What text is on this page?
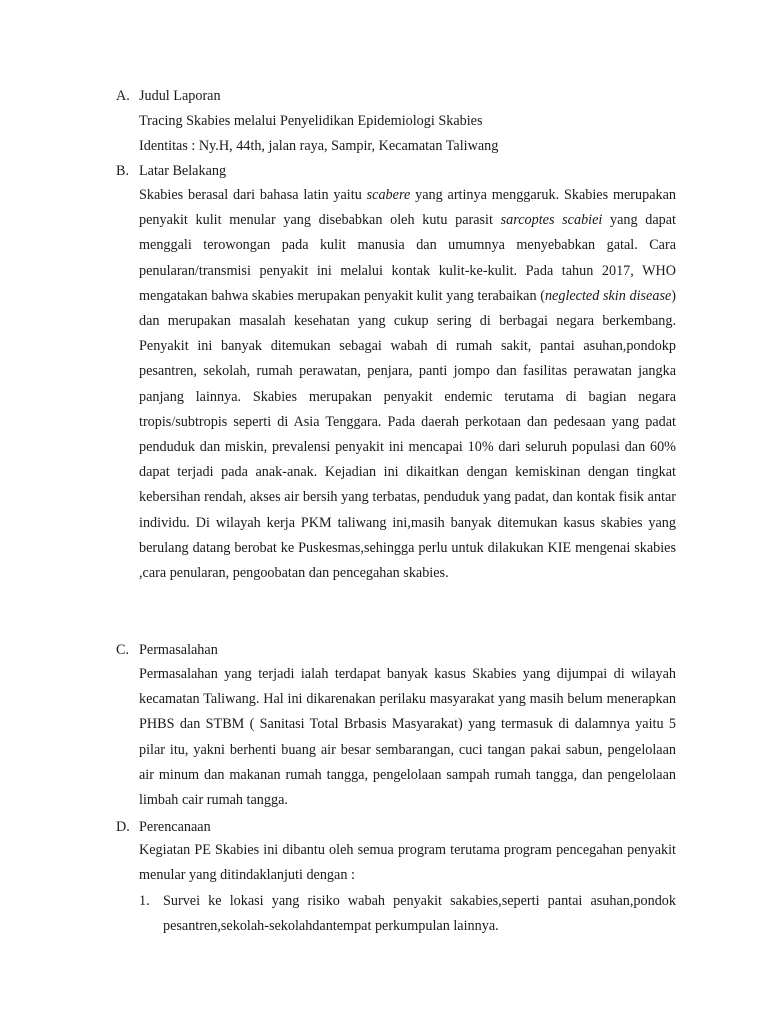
A. Judul Laporan
Tracing Skabies melalui Penyelidikan Epidemiologi Skabies
Identitas : Ny.H, 44th, jalan raya, Sampir, Kecamatan Taliwang
B. Latar Belakang

Skabies berasal dari bahasa latin yaitu scabere yang artinya menggaruk. Skabies merupakan penyakit kulit menular yang disebabkan oleh kutu parasit sarcoptes scabiei yang dapat menggali terowongan pada kulit manusia dan umumnya menyebabkan gatal. Cara penularan/transmisi penyakit ini melalui kontak kulit-ke-kulit. Pada tahun 2017, WHO mengatakan bahwa skabies merupakan penyakit kulit yang terabaikan (neglected skin disease) dan merupakan masalah kesehatan yang cukup sering di berbagai negara berkembang. Penyakit ini banyak ditemukan sebagai wabah di rumah sakit, pantai asuhan,pondokp pesantren, sekolah, rumah perawatan, penjara, panti jompo dan fasilitas perawatan jangka panjang lainnya. Skabies merupakan penyakit endemic terutama di bagian negara tropis/subtropis seperti di Asia Tenggara. Pada daerah perkotaan dan pedesaan yang padat penduduk dan miskin, prevalensi penyakit ini mencapai 10% dari seluruh populasi dan 60% dapat terjadi pada anak-anak. Kejadian ini dikaitkan dengan kemiskinan dengan tingkat kebersihan rendah, akses air bersih yang terbatas, penduduk yang padat, dan kontak fisik antar individu. Di wilayah kerja PKM taliwang ini,masih banyak ditemukan kasus skabies yang berulang datang berobat ke Puskesmas,sehingga perlu untuk dilakukan KIE mengenai skabies ,cara penularan, pengoobatan dan pencegahan skabies.

C. Permasalahan

Permasalahan yang terjadi ialah terdapat banyak kasus Skabies yang dijumpai di wilayah kecamatan Taliwang. Hal ini dikarenakan perilaku masyarakat yang masih belum menerapkan PHBS dan STBM ( Sanitasi Total Brbasis Masyarakat) yang termasuk di dalamnya yaitu 5 pilar itu, yakni berhenti buang air besar sembarangan, cuci tangan pakai sabun, pengelolaan air minum dan makanan rumah tangga, pengelolaan sampah rumah tangga, dan pengelolaan limbah cair rumah tangga.

D. Perencanaan

Kegiatan PE Skabies ini dibantu oleh semua program terutama program pencegahan penyakit menular yang ditindaklanjuti dengan :

1. Survei ke lokasi yang risiko wabah penyakit sakabies,seperti pantai asuhan,pondok pesantren,sekolah-sekolahdantempat perkumpulan lainnya.
